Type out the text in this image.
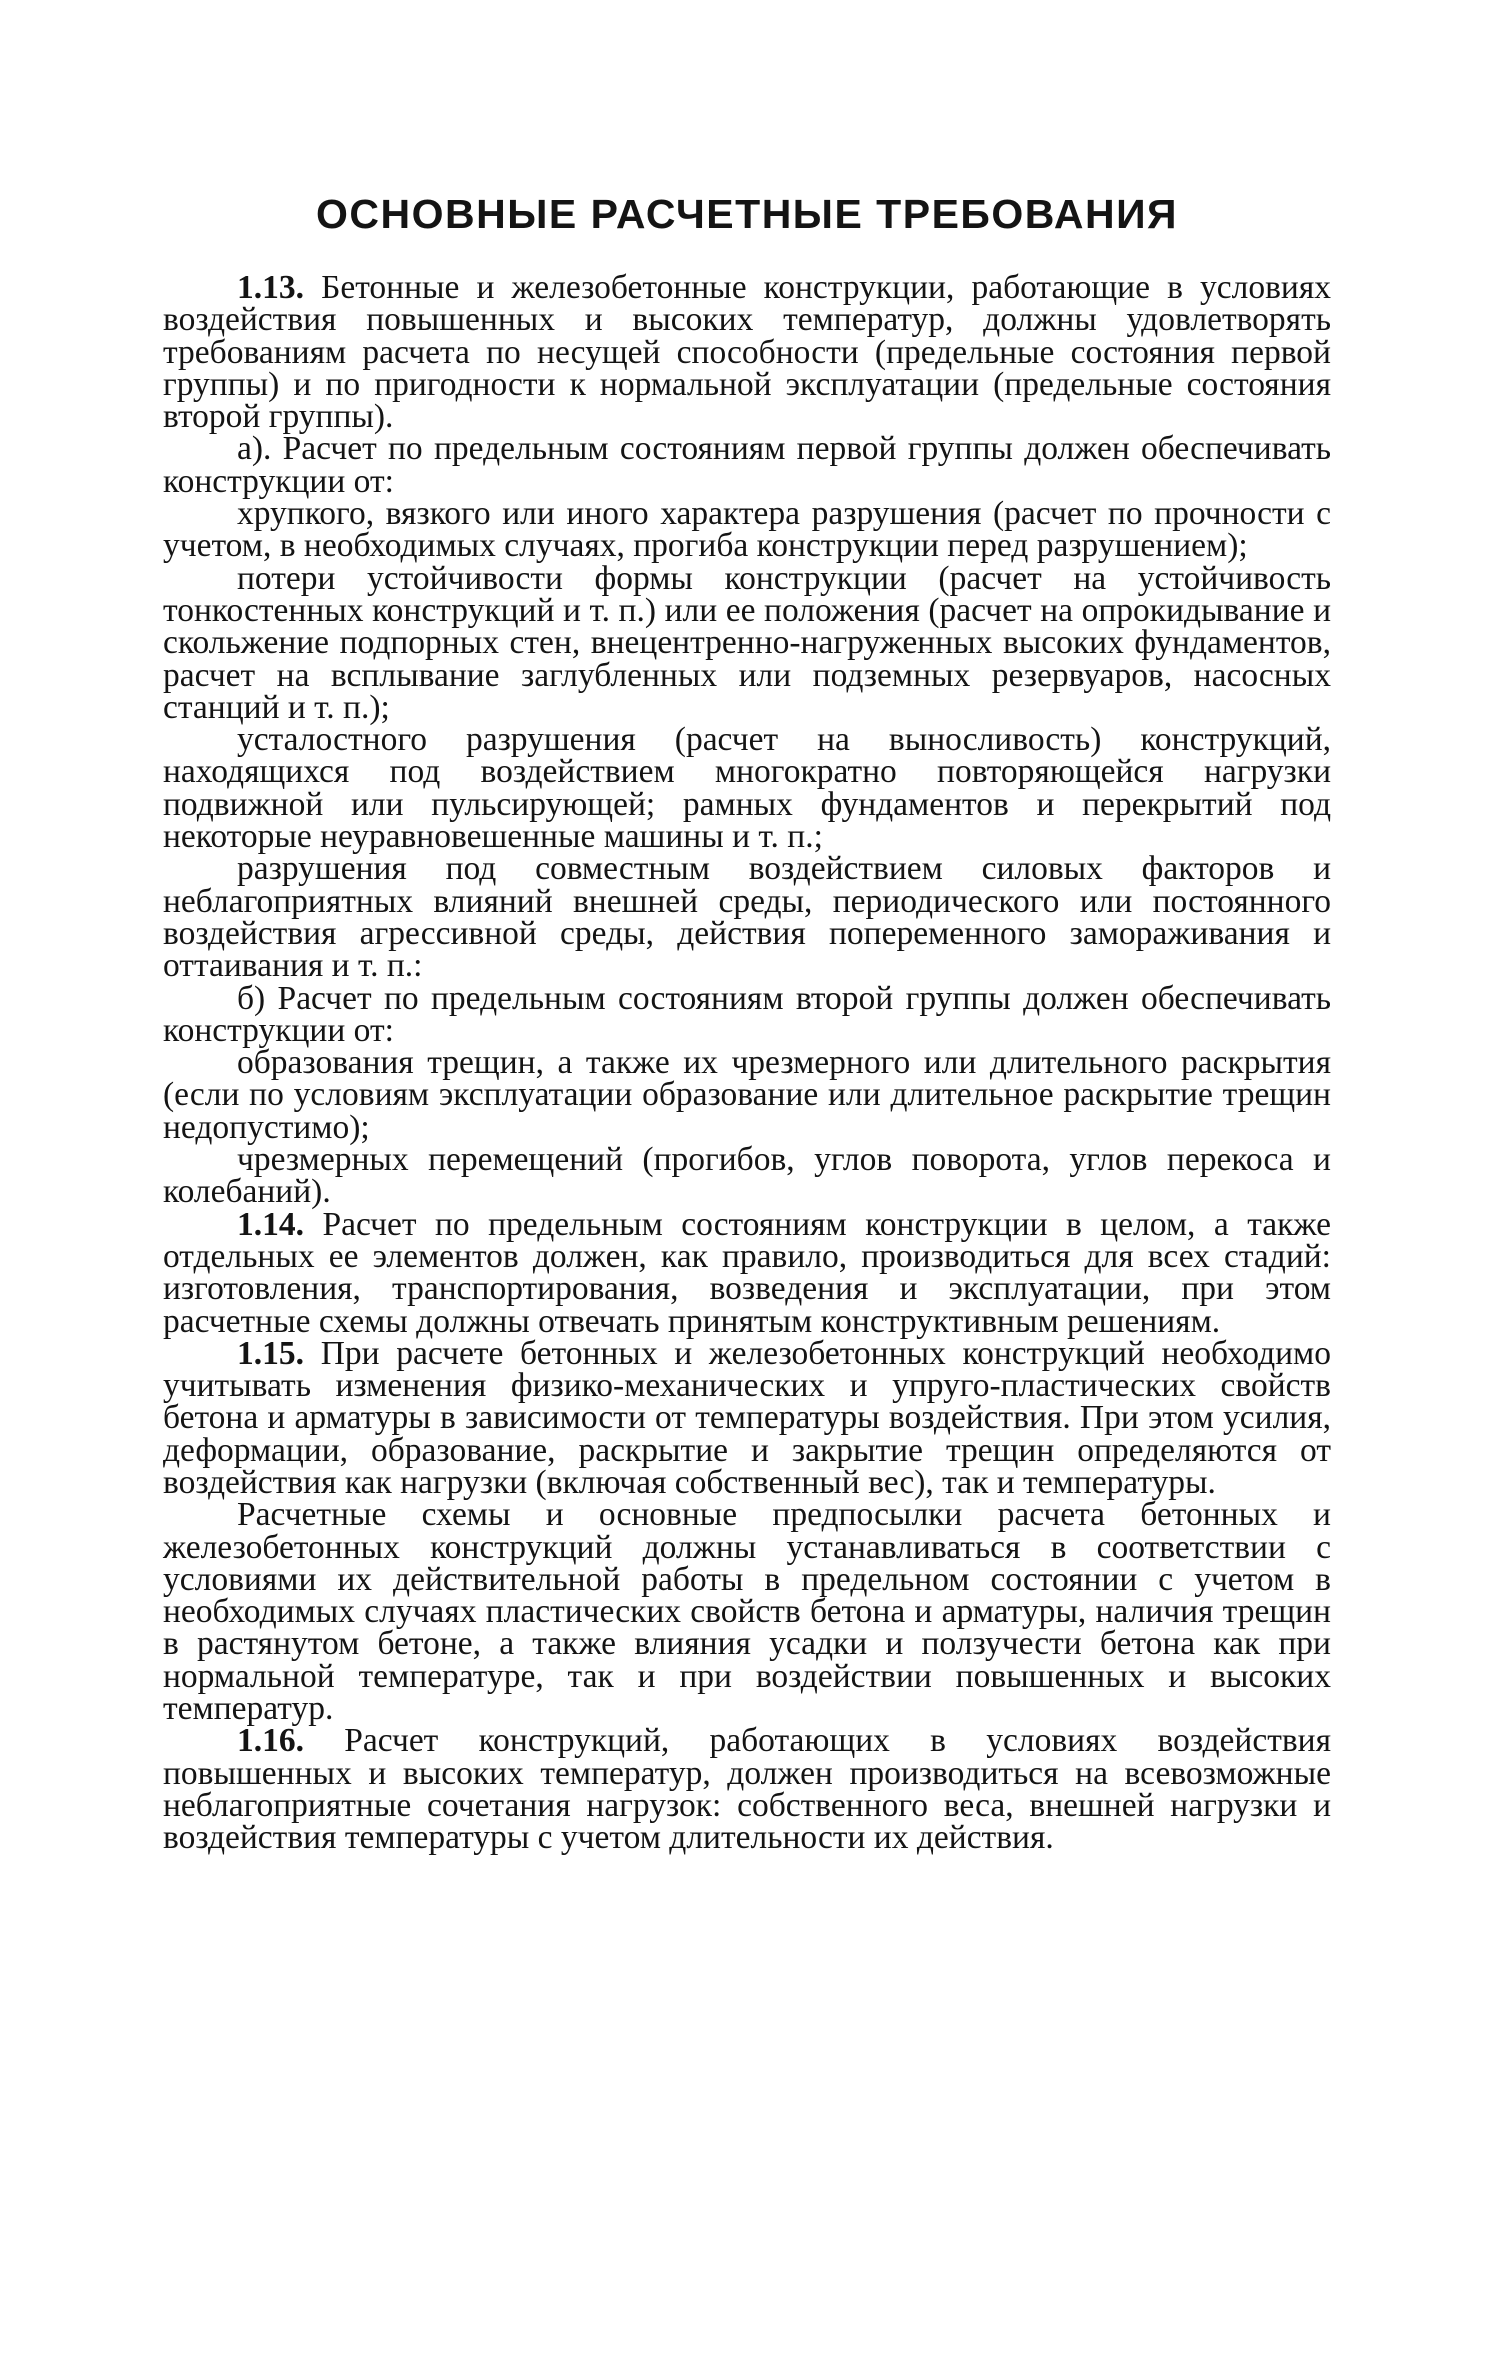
ОСНОВНЫЕ РАСЧЕТНЫЕ ТРЕБОВАНИЯ

1.13. Бетонные и железобетонные конструкции, работающие в условиях воздействия повышенных и высоких температур, должны удовлетворять требованиям расчета по несущей способности (предельные состояния первой группы) и по пригодности к нормальной эксплуатации (предельные состояния второй группы).

а). Расчет по предельным состояниям первой группы должен обеспечивать конструкции от:

хрупкого, вязкого или иного характера разрушения (расчет по прочности с учетом, в необходимых случаях, прогиба конструкции перед разрушением);

потери устойчивости формы конструкции (расчет на устойчивость тонкостенных конструкций и т. п.) или ее положения (расчет на опрокидывание и скольжение подпорных стен, внецентренно-нагруженных высоких фундаментов, расчет на всплывание заглубленных или подземных резервуаров, насосных станций и т. п.);

усталостного разрушения (расчет на выносливость) конструкций, находящихся под воздействием многократно повторяющейся нагрузки подвижной или пульсирующей; рамных фундаментов и перекрытий под некоторые неуравновешенные машины и т. п.;

разрушения под совместным воздействием силовых факторов и неблагоприятных влияний внешней среды, периодического или постоянного воздействия агрессивной среды, действия попеременного замораживания и оттаивания и т. п.:

б) Расчет по предельным состояниям второй группы должен обеспечивать конструкции от:

образования трещин, а также их чрезмерного или длительного раскрытия (если по условиям эксплуатации образование или длительное раскрытие трещин недопустимо);

чрезмерных перемещений (прогибов, углов поворота, углов перекоса и колебаний).

1.14. Расчет по предельным состояниям конструкции в целом, а также отдельных ее элементов должен, как правило, производиться для всех стадий: изготовления, транспортирования, возведения и эксплуатации, при этом расчетные схемы должны отвечать принятым конструктивным решениям.

1.15. При расчете бетонных и железобетонных конструкций необходимо учитывать изменения физико-механических и упруго-пластических свойств бетона и арматуры в зависимости от температуры воздействия. При этом усилия, деформации, образование, раскрытие и закрытие трещин определяются от воздействия как нагрузки (включая собственный вес), так и температуры.

Расчетные схемы и основные предпосылки расчета бетонных и железобетонных конструкций должны устанавливаться в соответствии с условиями их действительной работы в предельном состоянии с учетом в необходимых случаях пластических свойств бетона и арматуры, наличия трещин в растянутом бетоне, а также влияния усадки и ползучести бетона как при нормальной температуре, так и при воздействии повышенных и высоких температур.

1.16. Расчет конструкций, работающих в условиях воздействия повышенных и высоких температур, должен производиться на всевозможные неблагоприятные сочетания нагрузок: собственного веса, внешней нагрузки и воздействия температуры с учетом длительности их действия.
